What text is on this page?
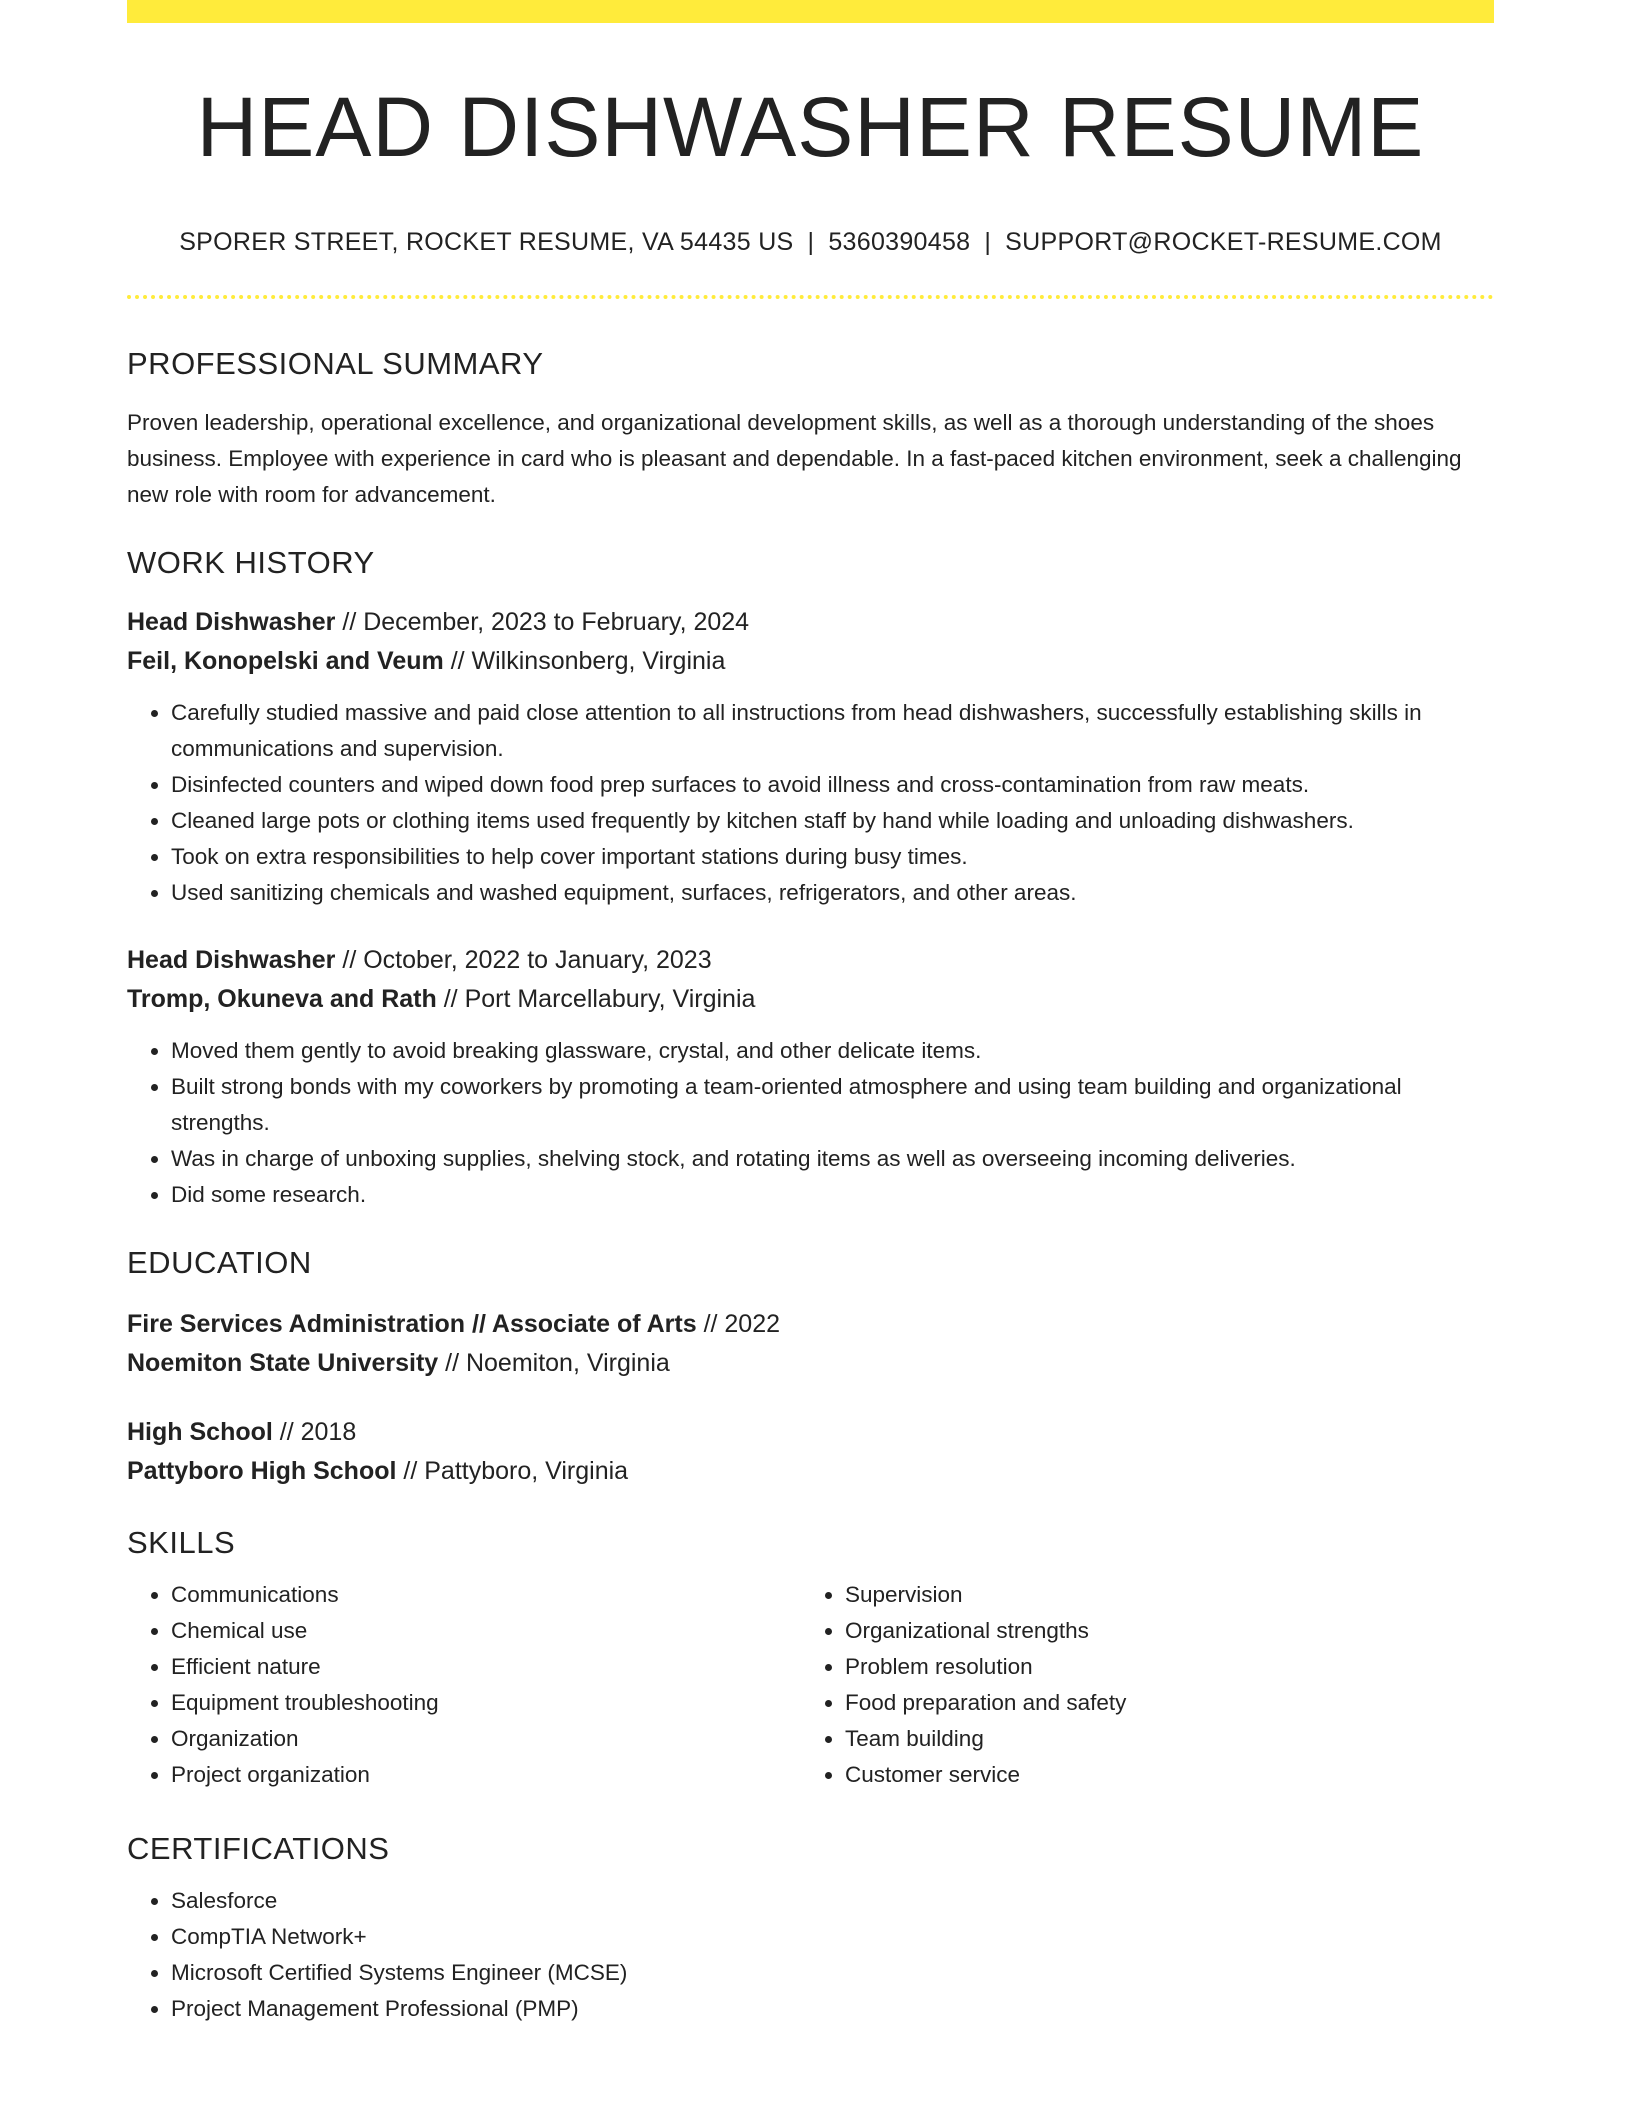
HEAD DISHWASHER RESUME
SPORER STREET, ROCKET RESUME, VA 54435 US | 5360390458 | SUPPORT@ROCKET-RESUME.COM
PROFESSIONAL SUMMARY
Proven leadership, operational excellence, and organizational development skills, as well as a thorough understanding of the shoes business. Employee with experience in card who is pleasant and dependable. In a fast-paced kitchen environment, seek a challenging new role with room for advancement.
WORK HISTORY
Head Dishwasher // December, 2023 to February, 2024
Feil, Konopelski and Veum // Wilkinsonberg, Virginia
• Carefully studied massive and paid close attention to all instructions from head dishwashers, successfully establishing skills in communications and supervision.
• Disinfected counters and wiped down food prep surfaces to avoid illness and cross-contamination from raw meats.
• Cleaned large pots or clothing items used frequently by kitchen staff by hand while loading and unloading dishwashers.
• Took on extra responsibilities to help cover important stations during busy times.
• Used sanitizing chemicals and washed equipment, surfaces, refrigerators, and other areas.
Head Dishwasher // October, 2022 to January, 2023
Tromp, Okuneva and Rath // Port Marcellabury, Virginia
• Moved them gently to avoid breaking glassware, crystal, and other delicate items.
• Built strong bonds with my coworkers by promoting a team-oriented atmosphere and using team building and organizational strengths.
• Was in charge of unboxing supplies, shelving stock, and rotating items as well as overseeing incoming deliveries.
• Did some research.
EDUCATION
Fire Services Administration // Associate of Arts // 2022
Noemiton State University // Noemiton, Virginia
High School // 2018
Pattyboro High School // Pattyboro, Virginia
SKILLS
• Communications
• Chemical use
• Efficient nature
• Equipment troubleshooting
• Organization
• Project organization
• Supervision
• Organizational strengths
• Problem resolution
• Food preparation and safety
• Team building
• Customer service
CERTIFICATIONS
• Salesforce
• CompTIA Network+
• Microsoft Certified Systems Engineer (MCSE)
• Project Management Professional (PMP)
